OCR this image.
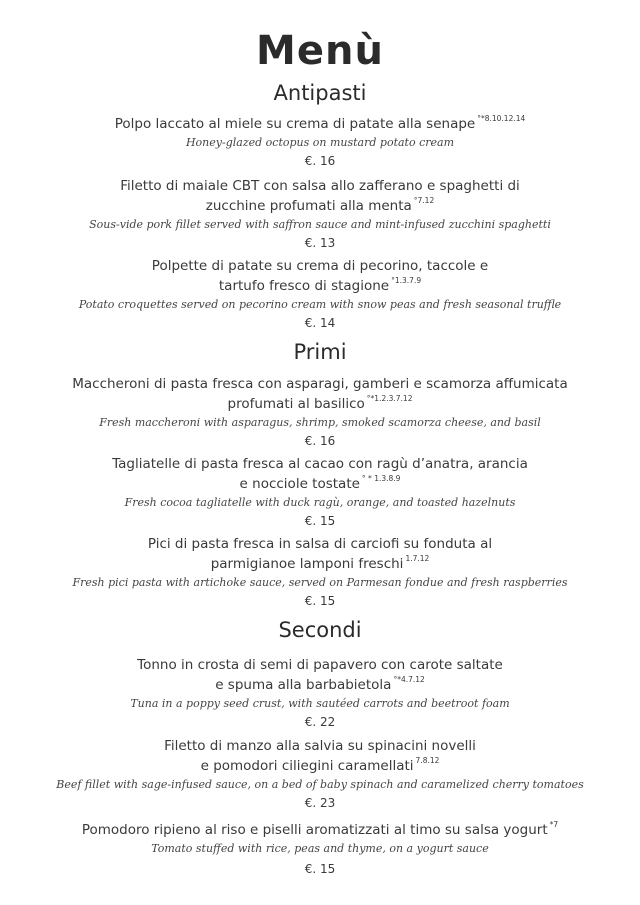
Menù
Antipasti
Polpo laccato al miele su crema di patate alla senape $^{^\circ*8.10.12.14}$
Honey-glazed octopus on mustard potato cream
€. 16
Filetto di maiale CBT con salsa allo zafferano e spaghetti di
zucchine profumati alla menta $^{^\circ 7.12}$
Sous-vide pork fillet served with saffron sauce and mint-infused zucchini spaghetti
€. 13
Polpette di patate su crema di pecorino, taccole e
tartufo fresco di stagione $^{^\circ 1.3.7.9}$
Potato croquettes served on pecorino cream with snow peas and fresh seasonal truffle
€. 14
Primi
Maccheroni di pasta fresca con asparagi, gamberi e scamorza affumicata
profumati al basilico $^{^\circ*1.2.3.7.12}$
Fresh maccheroni with asparagus, shrimp, smoked scamorza cheese, and basil
€. 16
Tagliatelle di pasta fresca al cacao con ragù d’anatra, arancia
e nocciole tostate $^{^\circ * 1.3.8.9}$
Fresh cocoa tagliatelle with duck ragù, orange, and toasted hazelnuts
€. 15
Pici di pasta fresca in salsa di carciofi su fonduta al
parmigianoe lamponi freschi $^{1.7.12}$
Fresh pici pasta with artichoke sauce, served on Parmesan fondue and fresh raspberries
€. 15
Secondi
Tonno in crosta di semi di papavero con carote saltate
e spuma alla barbabietola $^{^\circ*4.7.12}$
Tuna in a poppy seed crust, with sautéed carrots and beetroot foam
€. 22
Filetto di manzo alla salvia su spinacini novelli
e pomodori ciliegini caramellati $^{7.8.12}$
Beef fillet with sage-infused sauce, on a bed of baby spinach and caramelized cherry tomatoes
€. 23
Pomodoro ripieno al riso e piselli aromatizzati al timo su salsa yogurt $^{*7}$
Tomato stuffed with rice, peas and thyme, on a yogurt sauce
€. 15
